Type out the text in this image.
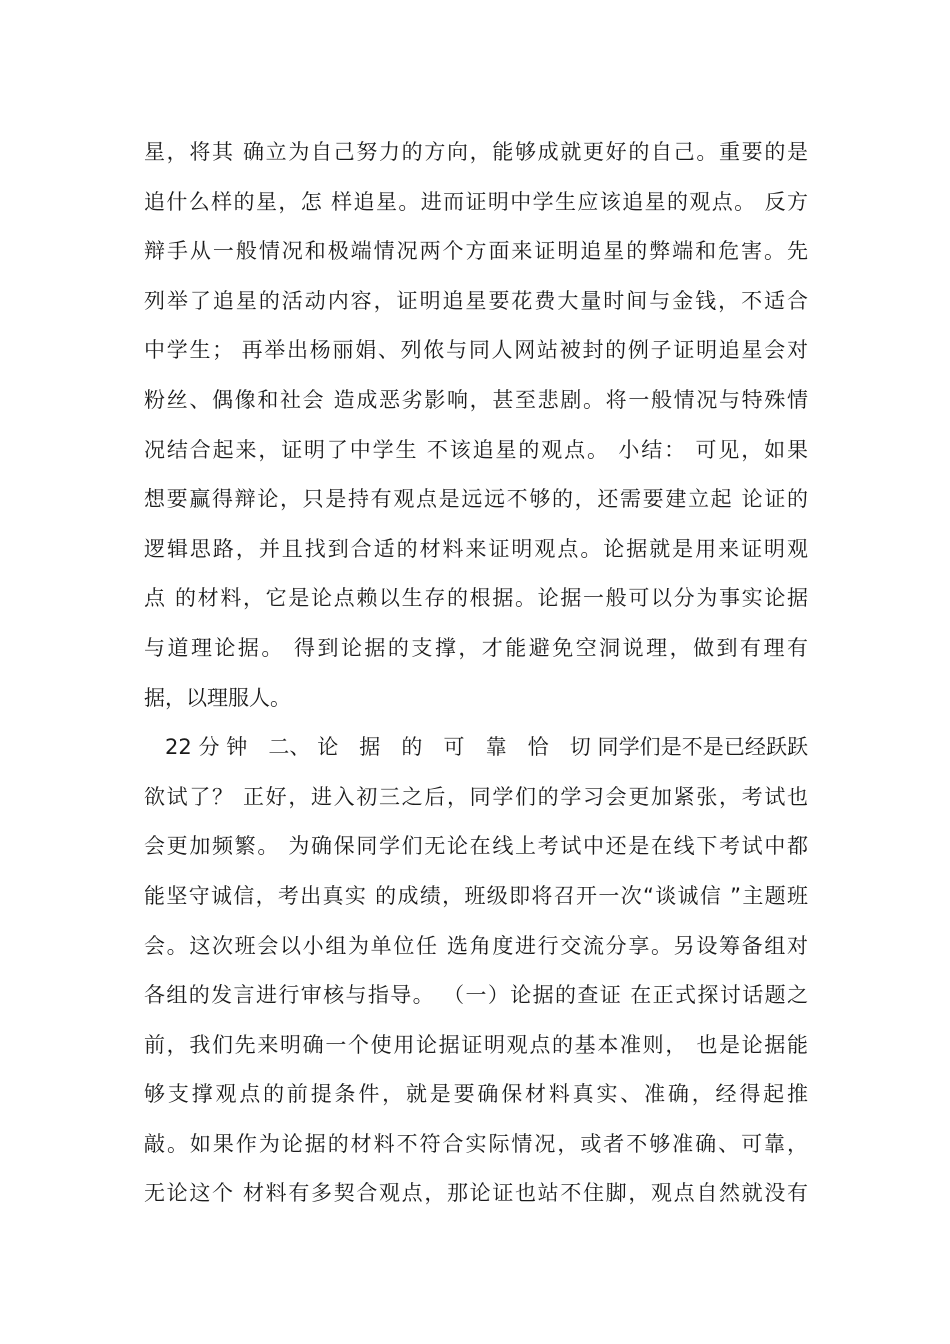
星，将其 确立为自己努力的方向，能够成就更好的自己。重要的是
追什么样的星，怎 样追星。进而证明中学生应该追星的观点。 反方
辩手从一般情况和极端情况两个方面来证明追星的弊端和危害。先
列举了追星的活动内容，证明追星要花费大量时间与金钱，不适合
中学生； 再举出杨丽娟、列侬与同人网站被封的例子证明追星会对
粉丝、偶像和社会 造成恶劣影响，甚至悲剧。将一般情况与特殊情
况结合起来，证明了中学生 不该追星的观点。 小结： 可见，如果
想要赢得辩论，只是持有观点是远远不够的，还需要建立起 论证的
逻辑思路，并且找到合适的材料来证明观点。论据就是用来证明观
点 的材料，它是论点赖以生存的根据。论据一般可以分为事实论据
与道理论据。 得到论据的支撑，才能避免空洞说理，做到有理有
据，以理服人。
　22 分 钟　二、 论　据　的　可　靠　恰　切 同学们是不是已经跃跃
欲试了？ 正好，进入初三之后，同学们的学习会更加紧张，考试也
会更加频繁。 为确保同学们无论在线上考试中还是在线下考试中都
能坚守诚信，考出真实 的成绩，班级即将召开一次“谈诚信 ”主题班
会。这次班会以小组为单位任 选角度进行交流分享。另设筹备组对
各组的发言进行审核与指导。 （一）论据的查证 在正式探讨话题之
前，我们先来明确一个使用论据证明观点的基本准则， 也是论据能
够支撑观点的前提条件，就是要确保材料真实、准确，经得起推
敲。如果作为论据的材料不符合实际情况，或者不够准确、可靠，
无论这个 材料有多契合观点，那论证也站不住脚，观点自然就没有
